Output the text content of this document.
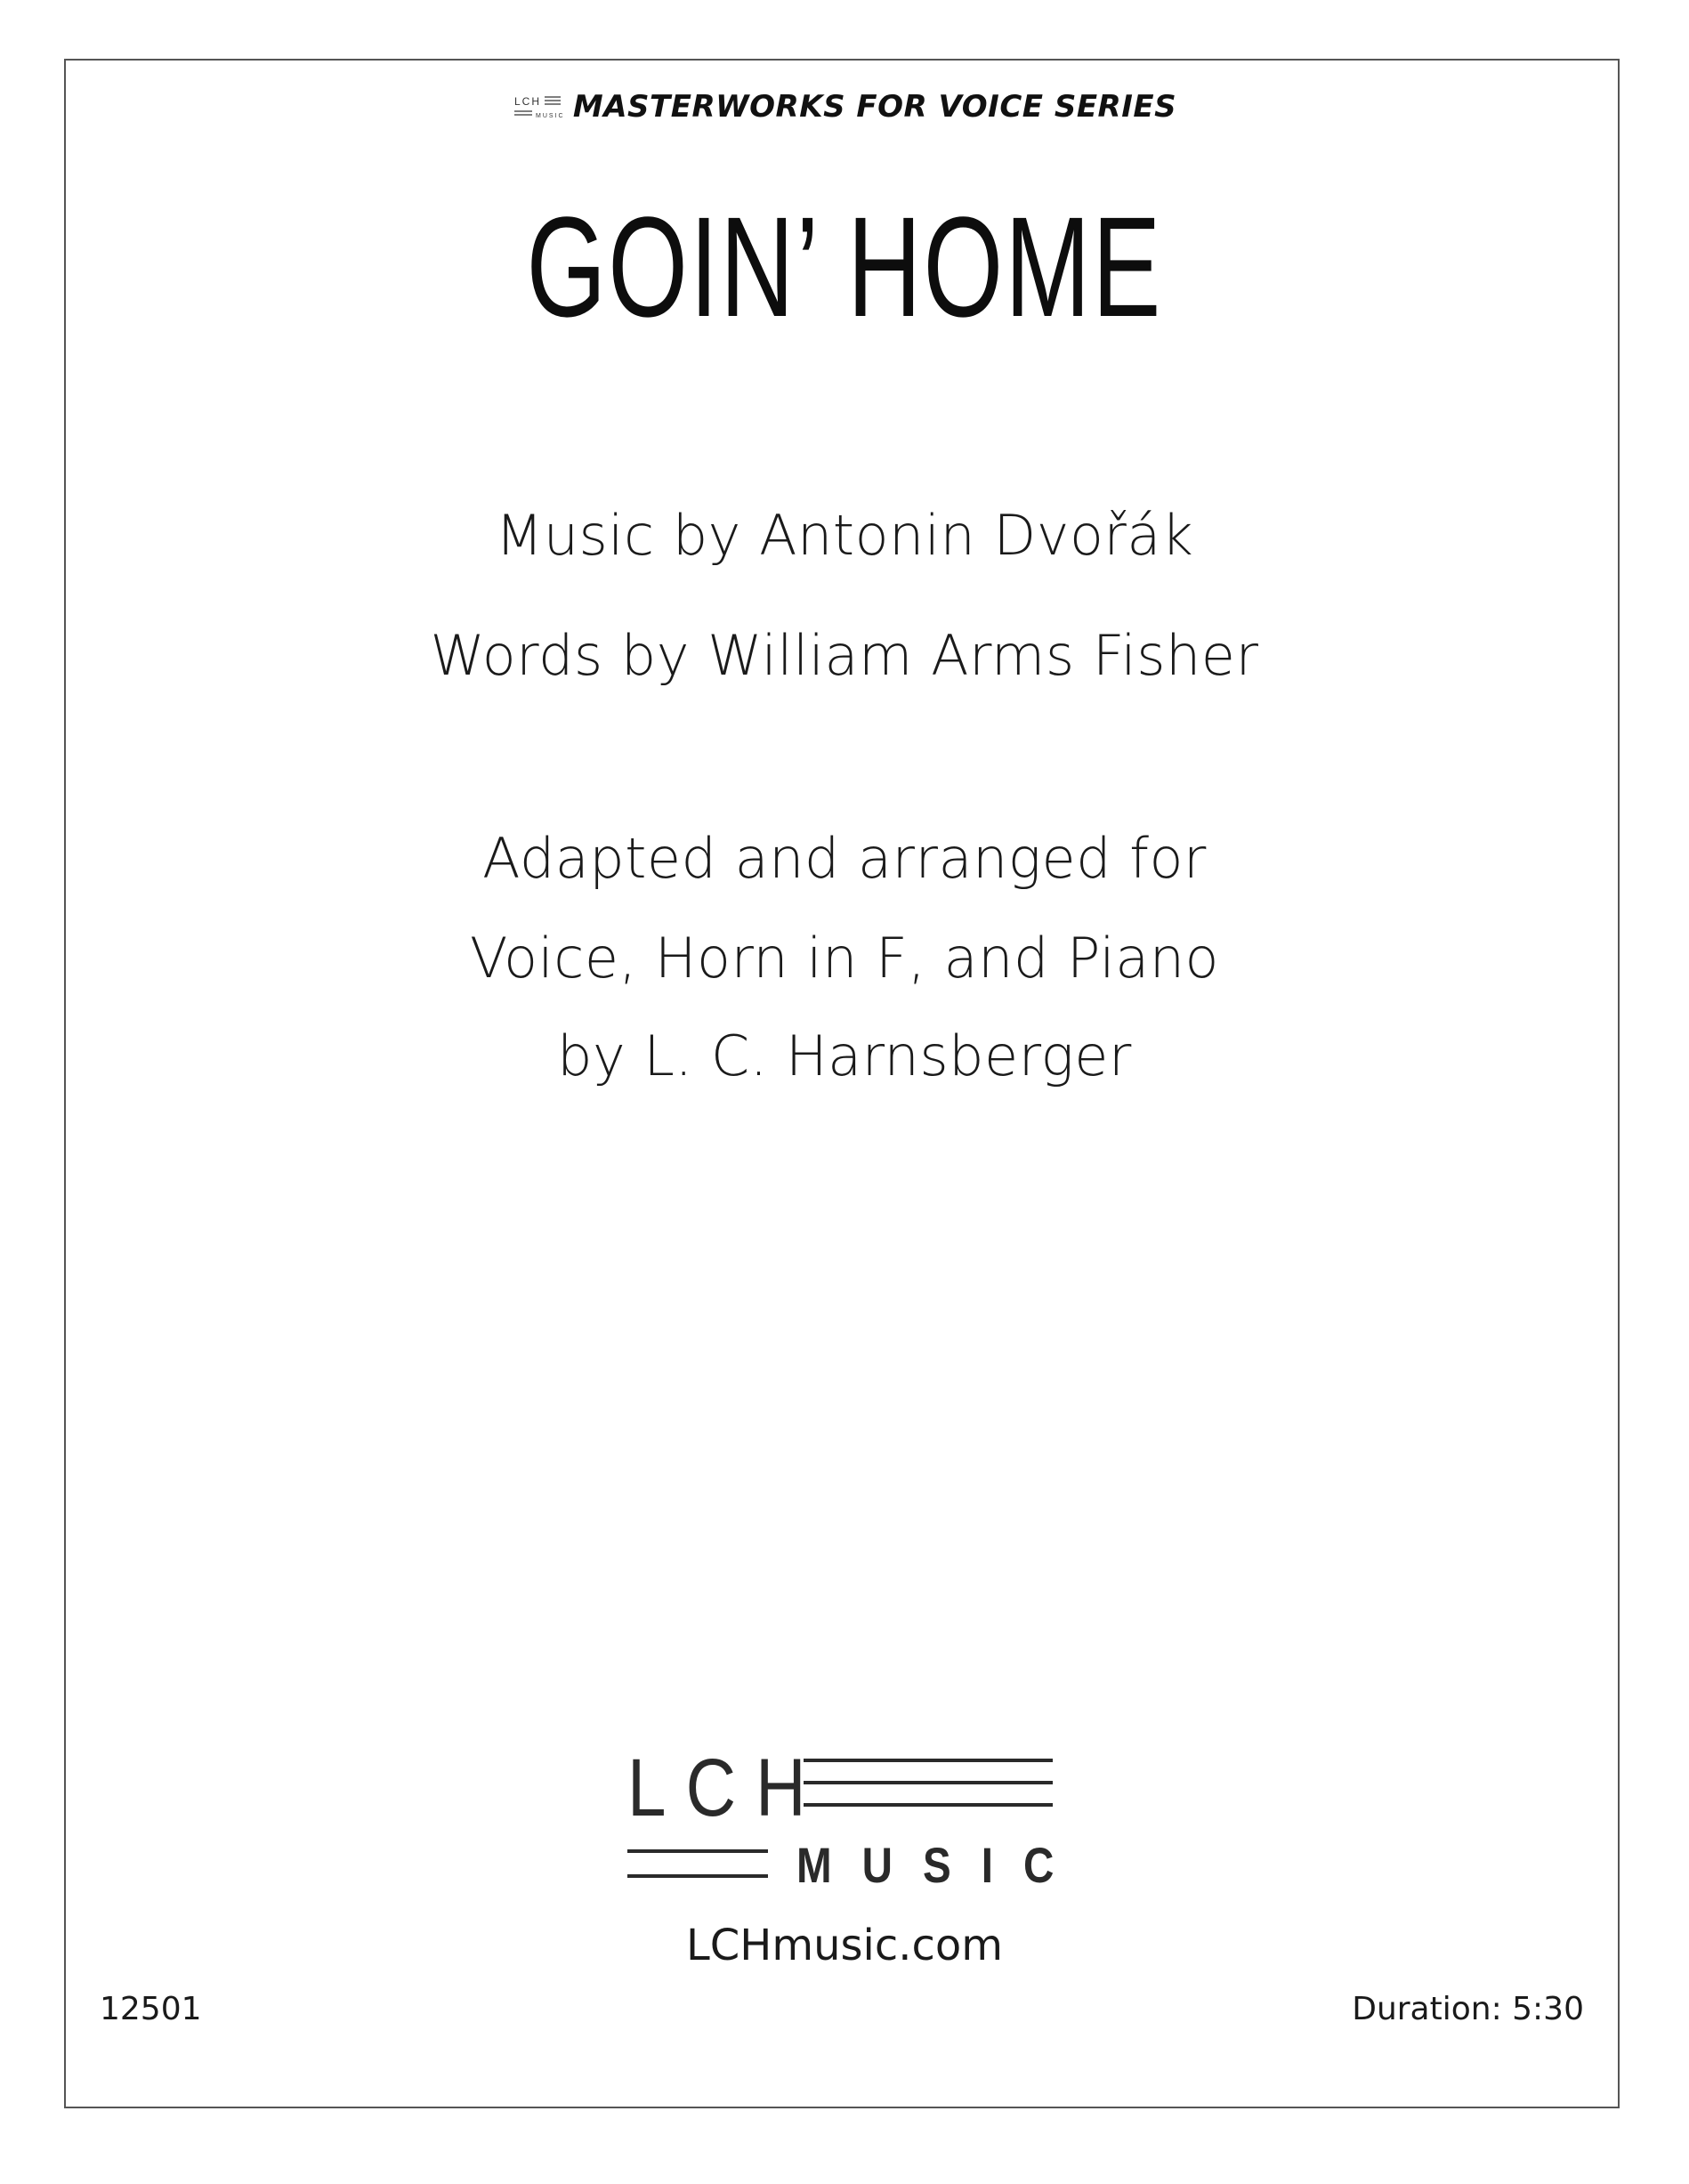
LCH
MUSIC MASTERWORKS FOR VOICE SERIES
GOIN’ HOME
Music by Antonin Dvořák
Words by William Arms Fisher
Adapted and arranged for
Voice, Horn in F, and Piano
by L. C. Harnsberger
LCH
MUSIC
LCHmusic.com
12501	Duration: 5:30
